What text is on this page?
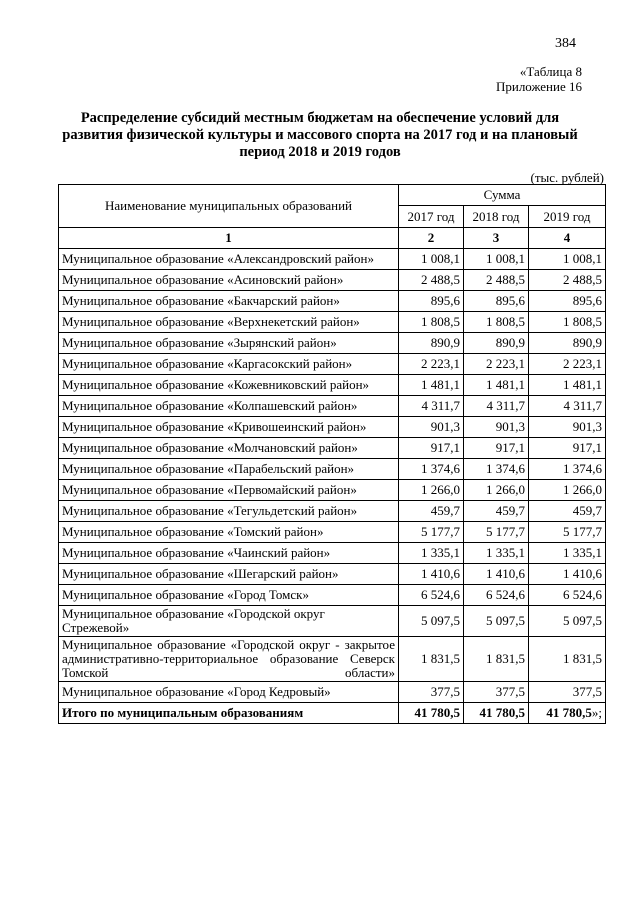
384
«Таблица 8
Приложение 16
Распределение субсидий местным бюджетам на обеспечение условий для развития физической культуры и массового спорта на 2017 год и на плановый период 2018 и 2019 годов
(тыс. рублей)
Наименование муниципальных образований	Сумма		
	2017 год	2018 год	2019 год
1	2	3	4
Муниципальное образование «Александровский район»	1 008,1	1 008,1	1 008,1
Муниципальное образование «Асиновский район»	2 488,5	2 488,5	2 488,5
Муниципальное образование «Бакчарский район»	895,6	895,6	895,6
Муниципальное образование «Верхнекетский район»	1 808,5	1 808,5	1 808,5
Муниципальное образование «Зырянский район»	890,9	890,9	890,9
Муниципальное образование «Каргасокский район»	2 223,1	2 223,1	2 223,1
Муниципальное образование «Кожевниковский район»	1 481,1	1 481,1	1 481,1
Муниципальное образование «Колпашевский район»	4 311,7	4 311,7	4 311,7
Муниципальное образование «Кривошеинский район»	901,3	901,3	901,3
Муниципальное образование «Молчановский район»	917,1	917,1	917,1
Муниципальное образование «Парабельский район»	1 374,6	1 374,6	1 374,6
Муниципальное образование «Первомайский район»	1 266,0	1 266,0	1 266,0
Муниципальное образование «Тегульдетский район»	459,7	459,7	459,7
Муниципальное образование «Томский район»	5 177,7	5 177,7	5 177,7
Муниципальное образование «Чаинский район»	1 335,1	1 335,1	1 335,1
Муниципальное образование «Шегарский район»	1 410,6	1 410,6	1 410,6
Муниципальное образование «Город Томск»	6 524,6	6 524,6	6 524,6
Муниципальное образование «Городской округ Стрежевой»	5 097,5	5 097,5	5 097,5
Муниципальное образование «Городской округ - закрытое административно-территориальное образование Северск Томской области»	1 831,5	1 831,5	1 831,5
Муниципальное образование «Город Кедровый»	377,5	377,5	377,5
Итого по муниципальным образованиям	41 780,5	41 780,5	41 780,5»;
